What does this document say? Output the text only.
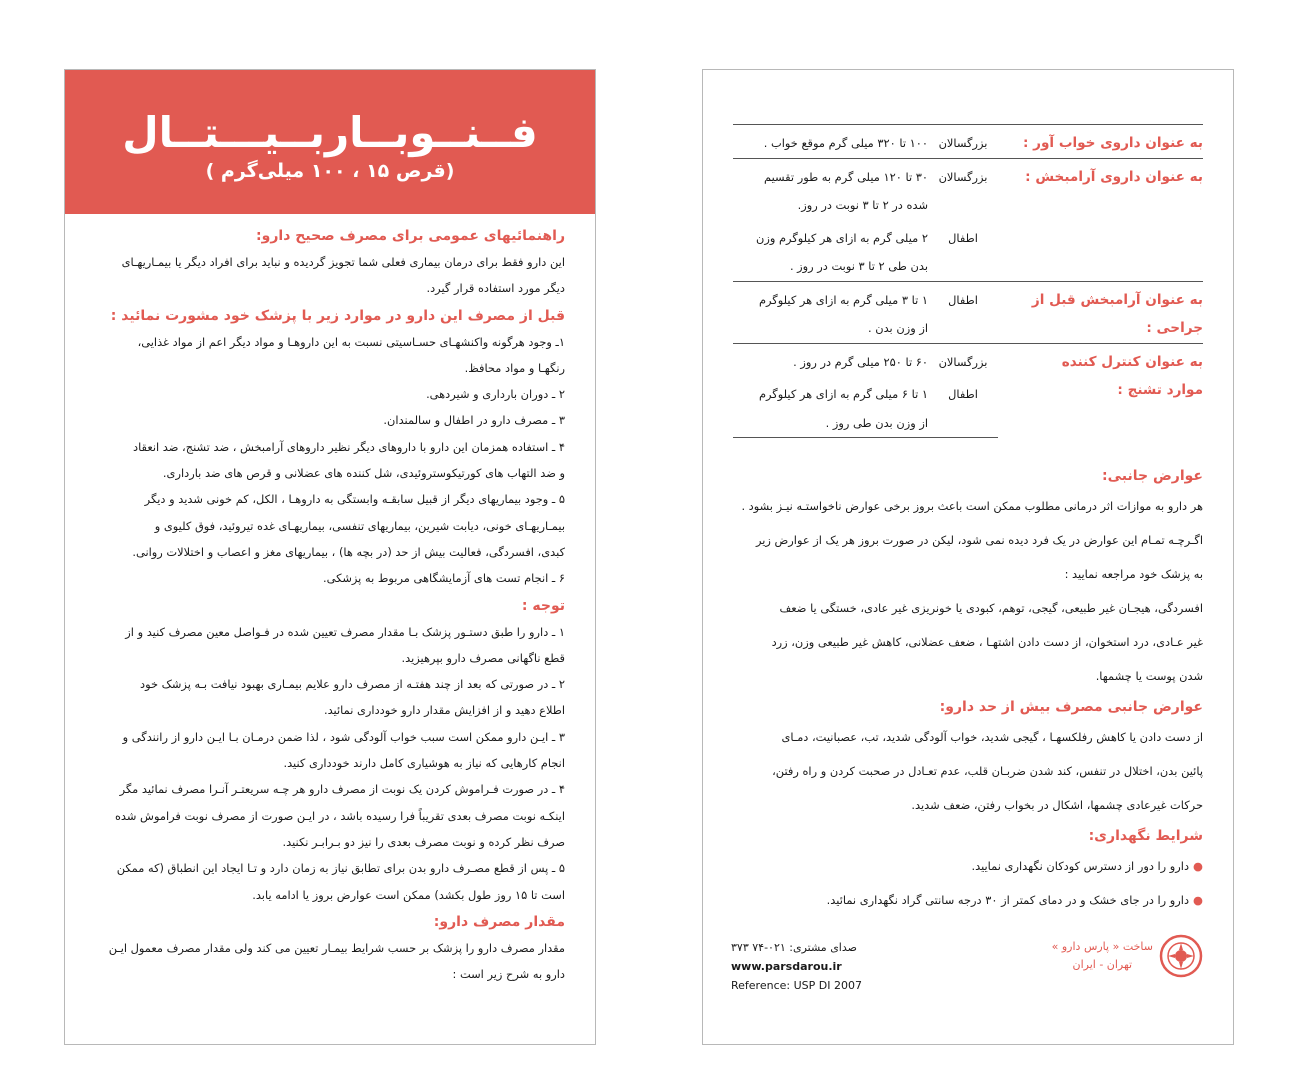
فــنــوبــاربــیـــتــال
(قرص ۱۵ ، ۱۰۰ میلی‌گرم )
راهنمائیهای عمومی برای مصرف صحیح دارو:
این دارو فقط برای درمان بیماری فعلی شما تجویز گردیده و نباید برای افراد دیگر یا بیمـاریهـای
دیگر مورد استفاده قرار گیرد.
قبل از مصرف این دارو در موارد زیر با پزشک خود مشورت نمائید :
۱ـ وجود هرگونه واکنشهـای حسـاسیتی نسبت به این داروهـا و مواد دیگر اعم از مواد غذایی،
رنگهـا و مواد محافظ.
۲ ـ دوران بارداری و شیردهی.
۳ ـ مصرف دارو در اطفال و سالمندان.
۴ ـ استفاده همزمان این دارو با داروهای دیگر نظیر داروهای آرامبخش ، ضد تشنج، ضد انعقاد
و ضد التهاب های کورتیکوستروئیدی، شل کننده های عضلانی و قرص های ضد بارداری.
۵ ـ وجود بیماریهای دیگر از قبیل سابقـه وابستگی به داروهـا ، الکل، کم خونی شدید و دیگر
بیمـاریهـای خونی، دیابت شیرین، بیماریهای تنفسی، بیماریهـای غده تیروئید، فوق کلیوی و
کبدی، افسردگی، فعالیت بیش از حد (در بچه ها) ، بیماریهای مغز و اعصاب و اختلالات روانی.
۶ ـ انجام تست های آزمایشگاهی مربوط به پزشکی.
توجه :
۱ ـ دارو را طبق دستـور پزشک بـا مقدار مصرف تعیین شده در فـواصل معین مصرف کنید و از
قطع ناگهانی مصرف دارو بپرهیزید.
۲ ـ در صورتی که بعد از چند هفتـه از مصرف دارو علایم بیمـاری بهبود نیافت بـه پزشک خود
اطلاع دهید و از افزایش مقدار دارو خودداری نمائید.
۳ ـ ایـن دارو ممکن است سبب خواب آلودگی شود ، لذا ضمن درمـان بـا ایـن دارو از رانندگی و
انجام کارهایی که نیاز به هوشیاری کامل دارند خودداری کنید.
۴ ـ در صورت فـراموش کردن یک نوبت از مصرف دارو هر چـه سریعتـر آنـرا مصرف نمائید مگر
اینکـه نوبت مصرف بعدی تقریباً فرا رسیده باشد ، در ایـن صورت از مصرف نوبت فراموش شده
صرف نظر کرده و نوبت مصرف بعدی را نیز دو بـرابـر نکنید.
۵ ـ پس از قطع مصـرف دارو بدن برای تطابق نیاز به زمان دارد و تـا ایجاد این انطباق (که ممکن
است تا ۱۵ روز طول بکشد) ممکن است عوارض بروز یا ادامه یابد.
مقدار مصرف دارو:
مقدار مصرف دارو را پزشک بر حسب شرایط بیمـار تعیین می کند ولی مقدار مصرف معمول ایـن
دارو به شرح زیر است :
به عنوان داروی خواب آور :	بزرگسالان	۱۰۰ تا ۳۲۰ میلی گرم موقع خواب .

به عنوان داروی آرامبخش :	بزرگسالان	۳۰ تا ۱۲۰ میلی گرم به طور تقسیم
شده در ۲ تا ۳ نوبت در روز.

	اطفال	۲ میلی گرم به ازای هر کیلوگرم وزن
بدن طی ۲ تا ۳ نوبت در روز .

به عنوان آرامبخش قبل از جراحی :	اطفال	۱ تا ۳ میلی گرم به ازای هر کیلوگرم
از وزن بدن .

به عنوان کنترل کننده
موارد تشنج :	بزرگسالان	۶۰ تا ۲۵۰ میلی گرم در روز .

	اطفال	۱ تا ۶ میلی گرم به ازای هر کیلوگرم
از وزن بدن طی روز .
عوارض جانبی:
هر دارو به موازات اثر درمانی مطلوب ممکن است باعث بروز برخی عوارض ناخواستـه نیـز بشود .
اگـرچـه تمـام این عوارض در یک فرد دیده نمی شود، لیکن در صورت بروز هر یک از عوارض زیر
به پزشک خود مراجعه نمایید :
افسردگی، هیجـان غیر طبیعی، گیجی، توهم، کبودی یا خونریزی غیر عادی، خستگی یا ضعف
غیر عـادی، درد استخوان، از دست دادن اشتهـا ، ضعف عضلانی، کاهش غیر طبیعی وزن، زرد
شدن پوست یا چشمها.
عوارض جانبی مصرف بیش از حد دارو:
از دست دادن یا کاهش رفلکسهـا ، گیجی شدید، خواب آلودگی شدید، تب، عصبانیت، دمـای
پائین بدن، اختلال در تنفس، کند شدن ضربـان قلب، عدم تعـادل در صحبت کردن و راه رفتن،
حرکات غیرعادی چشمها، اشکال در بخواب رفتن، ضعف شدید.
شرایط نگهداری:
●دارو را دور از دسترس کودکان نگهداری نمایید.
●دارو را در جای خشک و در دمای کمتر از ۳۰ درجه سانتی گراد نگهداری نمائید.
ساخت « پارس دارو »
تهران - ایران
صدای مشتری: ۰۲۱-۷۴ ۳۷۳
www.parsdarou.ir
Reference: USP DI 2007
